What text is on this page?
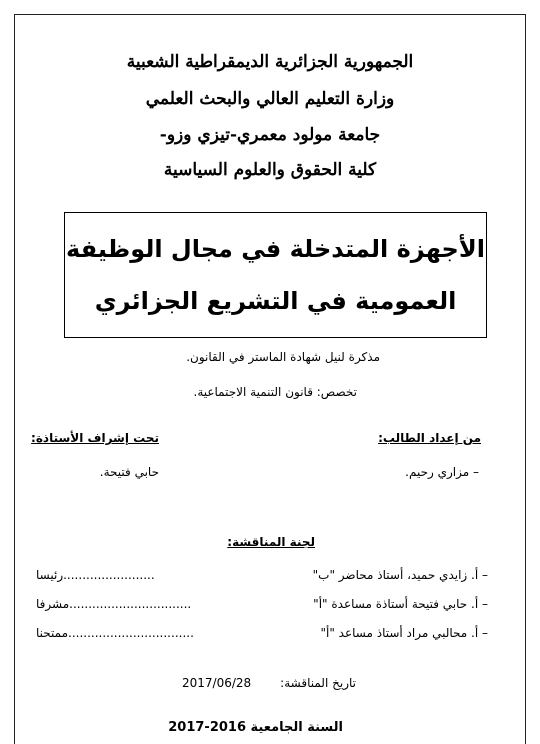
الجمهورية الجزائرية الديمقراطية الشعبية
وزارة التعليم العالي والبحث العلمي
جامعة مولود معمري-تيزي وزو-
كلية الحقوق والعلوم السياسية
الأجهزة المتدخلة في مجال الوظيفة
العمومية في التشريع الجزائري
مذكرة لنيل شهادة الماستر في القانون.
تخصص: قانون التنمية الاجتماعية.
من إعداد الطالب:
تحت إشراف الأستاذة:
– مزاري رحيم.
حابي فتيحة.
لجنة المناقشة:
– أ. زايدي حميد، أستاذ محاضر "ب"
........................رئيسا
– أ. حابي فتيحة أستاذة مساعدة "أ"
................................مشرفا
– أ. محالبي مراد أستاذ مساعد "أ"
.................................ممتحنا
تاريخ المناقشة:
2017/06/28
السنة الجامعية 2016-2017
